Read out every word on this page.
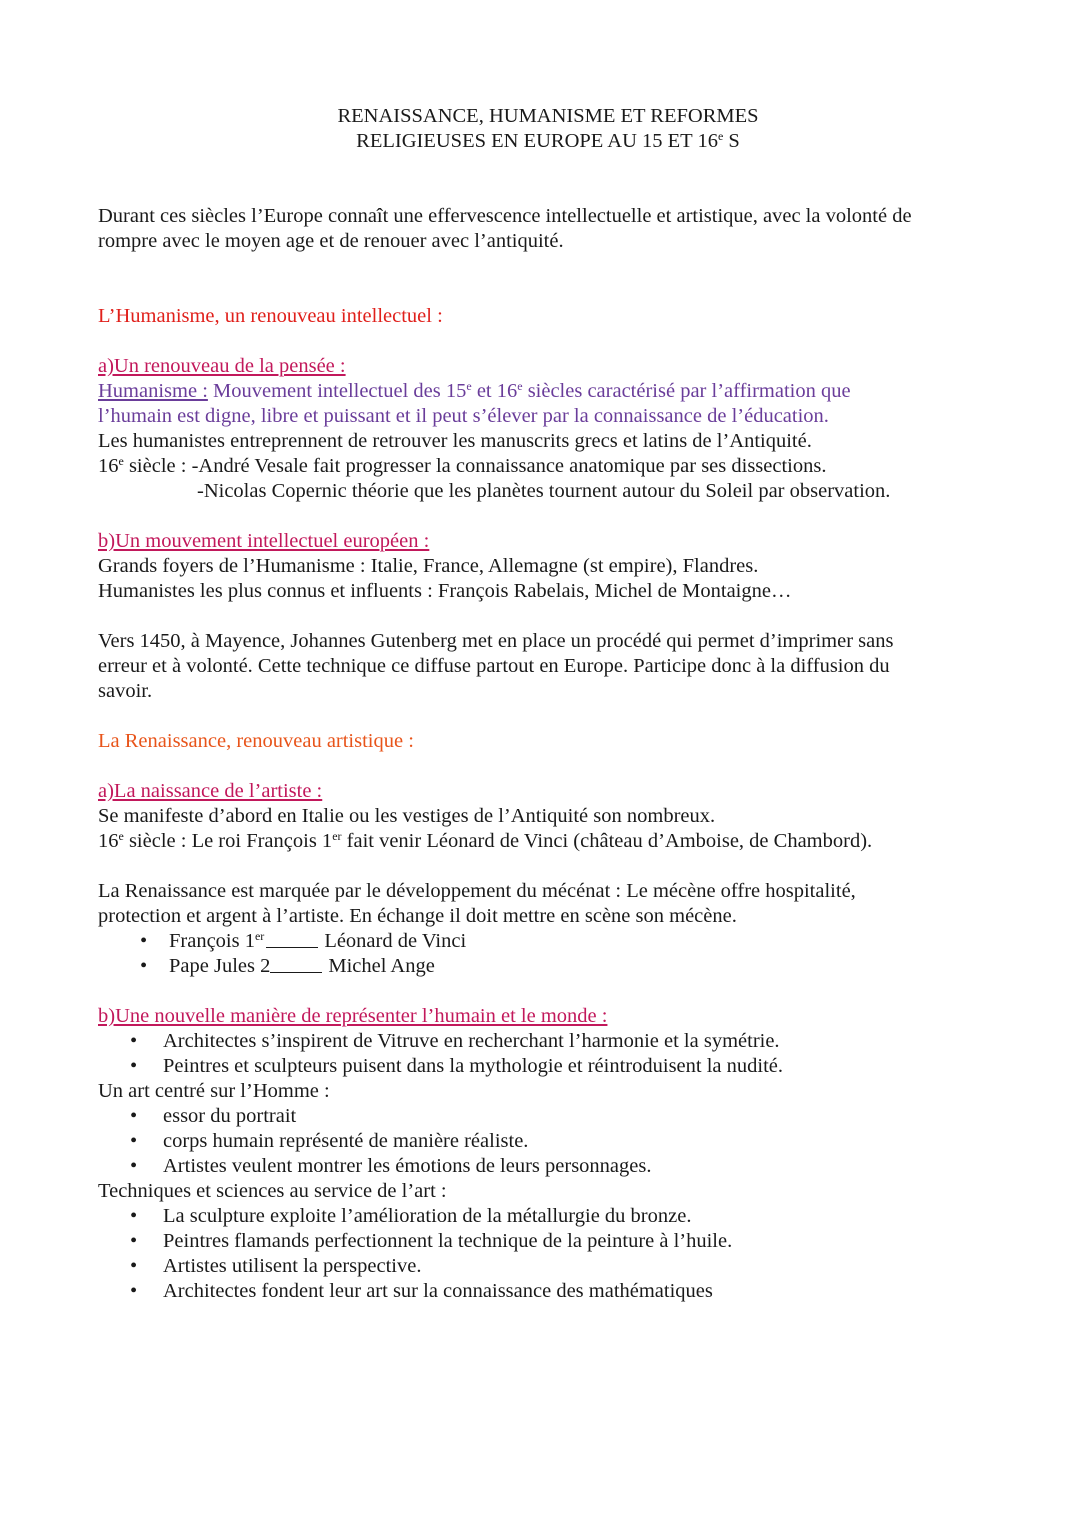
RENAISSANCE, HUMANISME ET REFORMES
RELIGIEUSES EN EUROPE AU 15 ET 16e S
Durant ces siècles l’Europe connaît une effervescence intellectuelle et artistique, avec la volonté de
rompre avec le moyen age et de renouer avec l’antiquité.
L’Humanisme, un renouveau intellectuel :
a)Un renouveau de la pensée :
Humanisme : Mouvement intellectuel des 15e et 16e siècles caractérisé par l’affirmation que
l’humain est digne, libre et puissant et il peut s’élever par la connaissance de l’éducation.
Les humanistes entreprennent de retrouver les manuscrits grecs et latins de l’Antiquité.
16e siècle : -André Vesale fait progresser la connaissance anatomique par ses dissections.
-Nicolas Copernic théorie que les planètes tournent autour du Soleil par observation.
b)Un mouvement intellectuel européen :
Grands foyers de l’Humanisme : Italie, France, Allemagne (st empire), Flandres.
Humanistes les plus connus et influents : François Rabelais, Michel de Montaigne…
Vers 1450, à Mayence, Johannes Gutenberg met en place un procédé qui permet d’imprimer sans
erreur et à volonté. Cette technique ce diffuse partout en Europe. Participe donc à la diffusion du
savoir.
La Renaissance, renouveau artistique :
a)La naissance de l’artiste :
Se manifeste d’abord en Italie ou les vestiges de l’Antiquité son nombreux.
16e siècle : Le roi François 1er fait venir Léonard de Vinci (château d’Amboise, de Chambord).
La Renaissance est marquée par le développement du mécénat : Le mécène offre hospitalité,
protection et argent à l’artiste. En échange il doit mettre en scène son mécène.
• François 1er	Léonard de Vinci
• Pape Jules 2	Michel Ange
b)Une nouvelle manière de représenter l’humain et le monde :
• Architectes s’inspirent de Vitruve en recherchant l’harmonie et la symétrie.
• Peintres et sculpteurs puisent dans la mythologie et réintroduisent la nudité.
Un art centré sur l’Homme :
• essor du portrait
• corps humain représenté de manière réaliste.
• Artistes veulent montrer les émotions de leurs personnages.
Techniques et sciences au service de l’art :
• La sculpture exploite l’amélioration de la métallurgie du bronze.
• Peintres flamands perfectionnent la technique de la peinture à l’huile.
• Artistes utilisent la perspective.
• Architectes fondent leur art sur la connaissance des mathématiques
